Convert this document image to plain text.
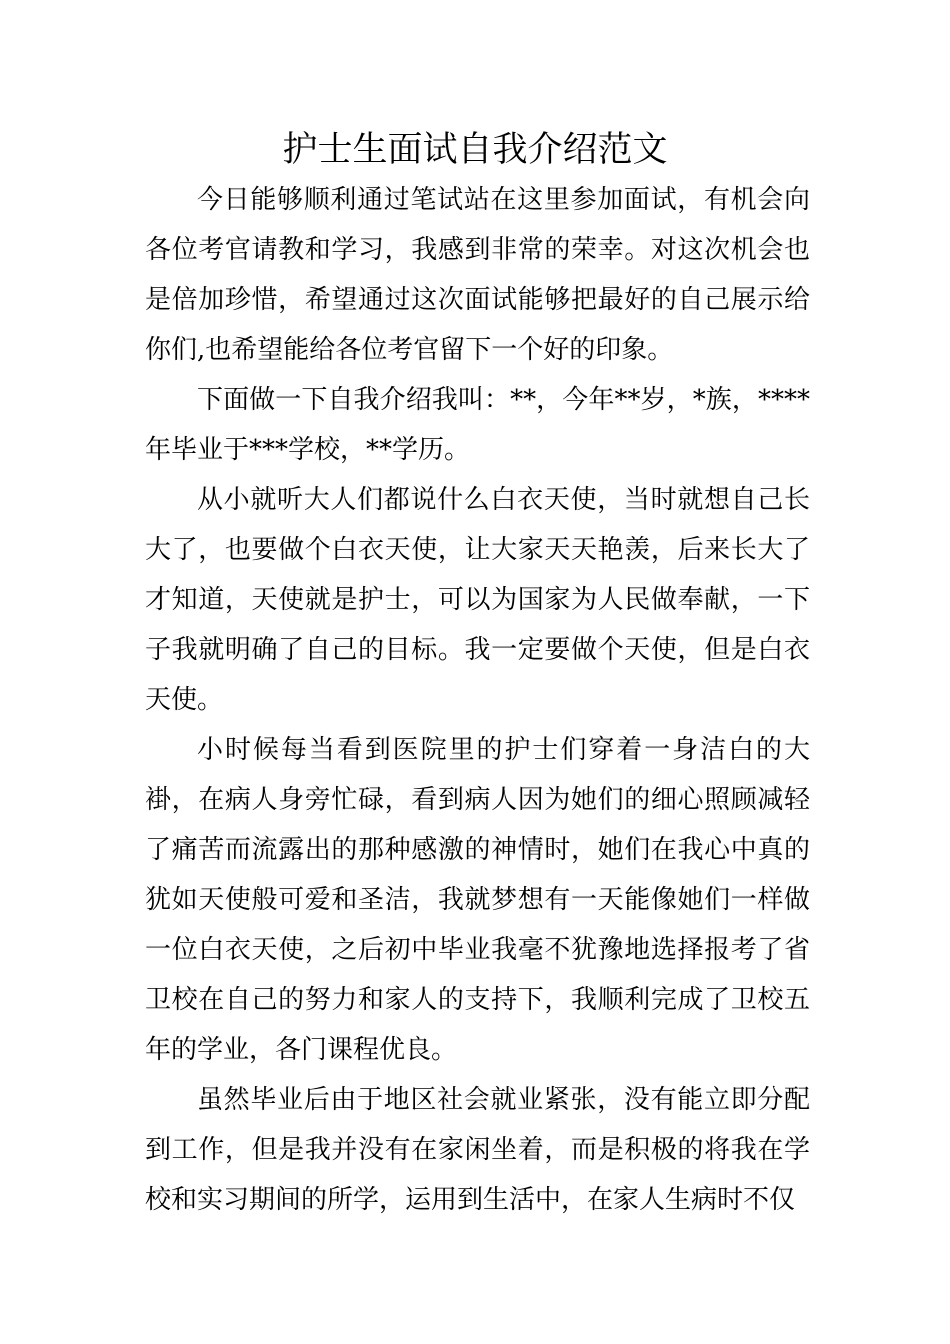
护士生面试自我介绍范文

今日能够顺利通过笔试站在这里参加面试，有机会向各位考官请教和学习，我感到非常的荣幸。对这次机会也是倍加珍惜，希望通过这次面试能够把最好的自己展示给你们,也希望能给各位考官留下一个好的印象。

下面做一下自我介绍我叫：**，今年**岁，*族，****年毕业于***学校，**学历。

从小就听大人们都说什么白衣天使，当时就想自己长大了，也要做个白衣天使，让大家天天艳羡，后来长大了才知道，天使就是护士，可以为国家为人民做奉献，一下子我就明确了自己的目标。我一定要做个天使，但是白衣天使。

小时候每当看到医院里的护士们穿着一身洁白的大褂，在病人身旁忙碌，看到病人因为她们的细心照顾减轻了痛苦而流露出的那种感激的神情时，她们在我心中真的犹如天使般可爱和圣洁，我就梦想有一天能像她们一样做一位白衣天使，之后初中毕业我毫不犹豫地选择报考了省卫校在自己的努力和家人的支持下，我顺利完成了卫校五年的学业，各门课程优良。

虽然毕业后由于地区社会就业紧张，没有能立即分配到工作，但是我并没有在家闲坐着，而是积极的将我在学校和实习期间的所学，运用到生活中，在家人生病时不仅
